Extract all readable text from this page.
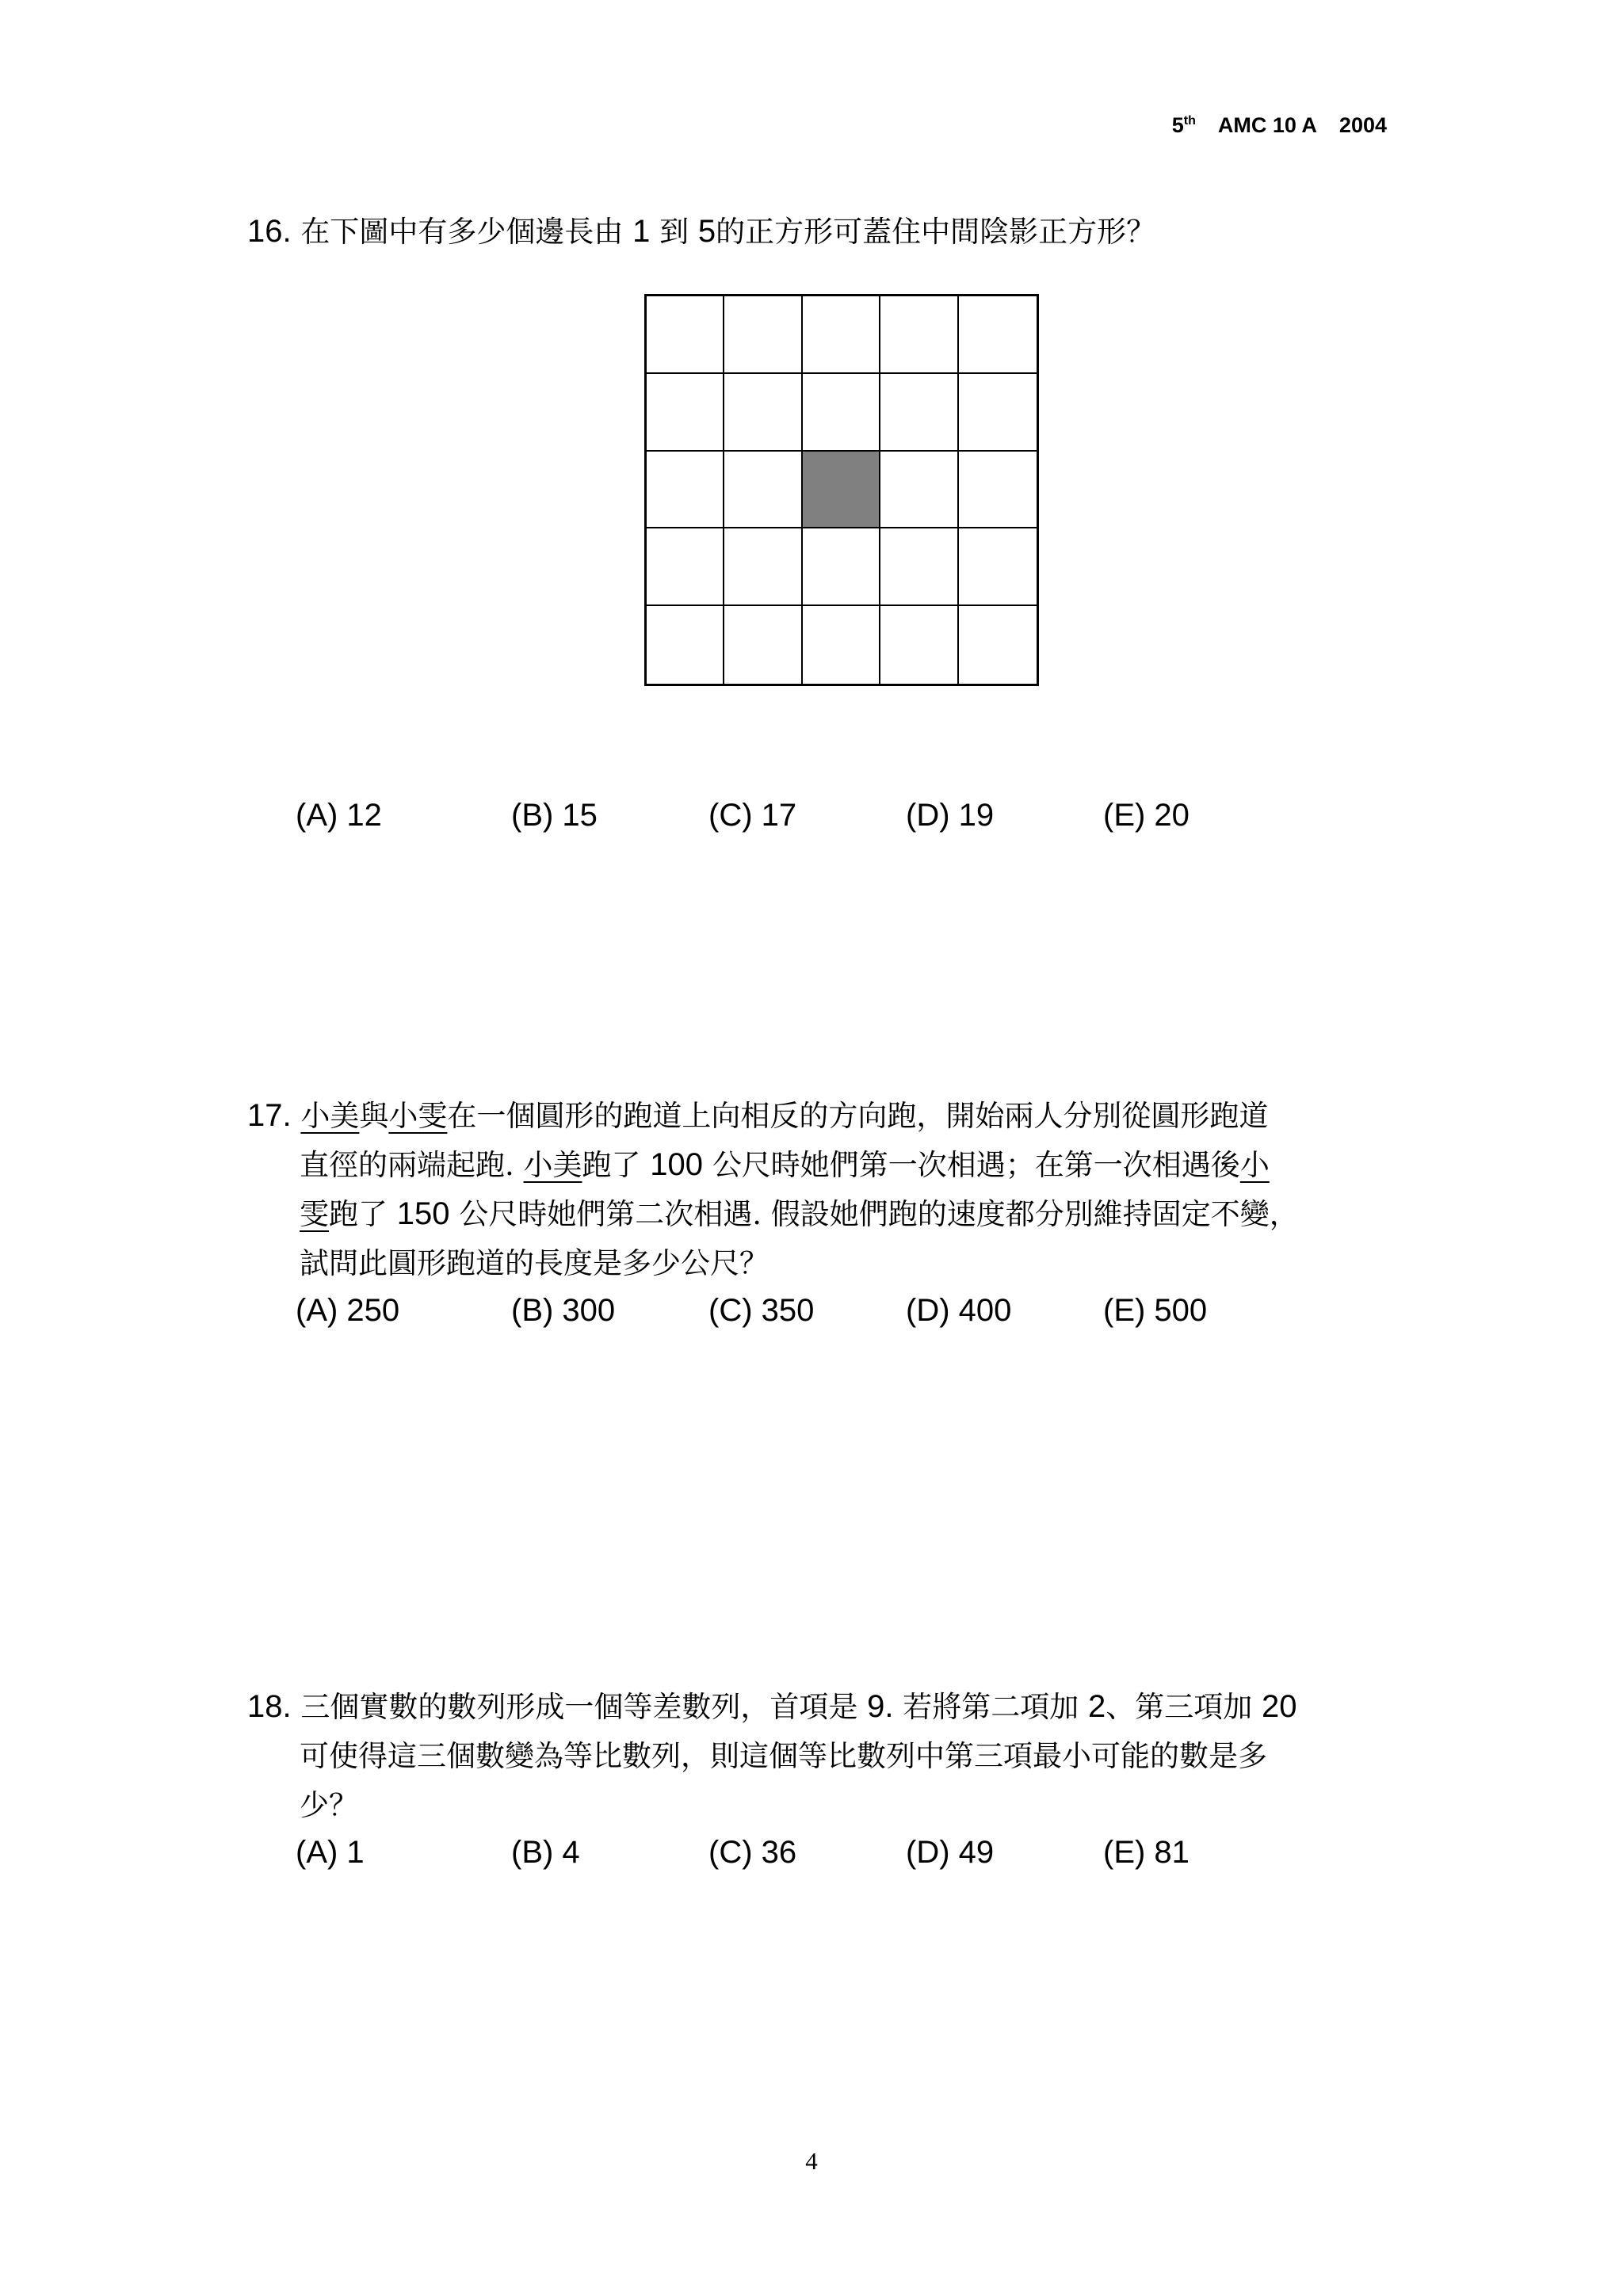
5th AMC 10 A 2004
16. 在下圖中有多少個邊長由 1 到 5的正方形可蓋住中間陰影正方形？
(A) 12	(B) 15	(C) 17	(D) 19	(E) 20
17. 小美與小雯在一個圓形的跑道上向相反的方向跑，開始兩人分別從圓形跑道
直徑的兩端起跑. 小美跑了 100 公尺時她們第一次相遇；在第一次相遇後小
雯跑了 150 公尺時她們第二次相遇. 假設她們跑的速度都分別維持固定不變，
試問此圓形跑道的長度是多少公尺？
(A) 250	(B) 300	(C) 350	(D) 400	(E) 500
18. 三個實數的數列形成一個等差數列，首項是 9. 若將第二項加 2、第三項加 20
可使得這三個數變為等比數列，則這個等比數列中第三項最小可能的數是多
少？
(A) 1	(B) 4	(C) 36	(D) 49	(E) 81
4
